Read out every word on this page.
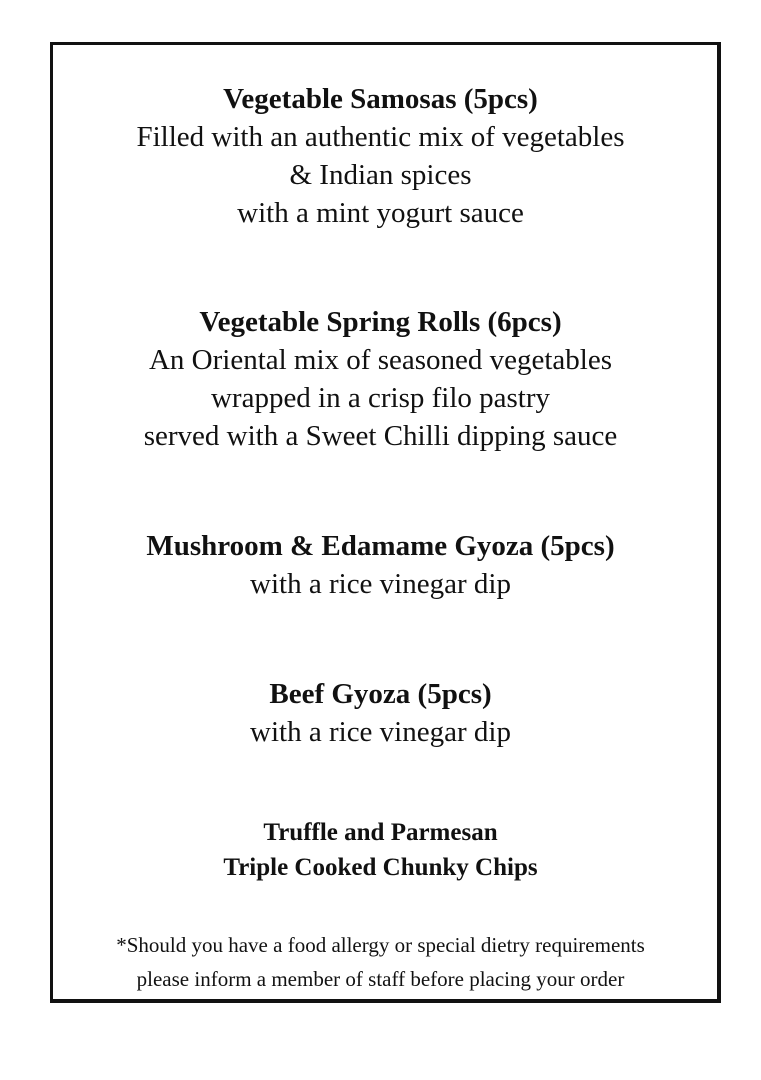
Vegetable Samosas (5pcs)
Filled with an authentic mix of vegetables
& Indian spices
with a mint yogurt sauce
Vegetable Spring Rolls (6pcs)
An Oriental mix of seasoned vegetables
wrapped in a crisp filo pastry
served with a Sweet Chilli dipping sauce
Mushroom & Edamame Gyoza (5pcs)
with a rice vinegar dip
Beef Gyoza (5pcs)
with a rice vinegar dip
Truffle and Parmesan
Triple Cooked Chunky Chips
*Should you have a food allergy or special dietry requirements
please inform a member of staff before placing your order
